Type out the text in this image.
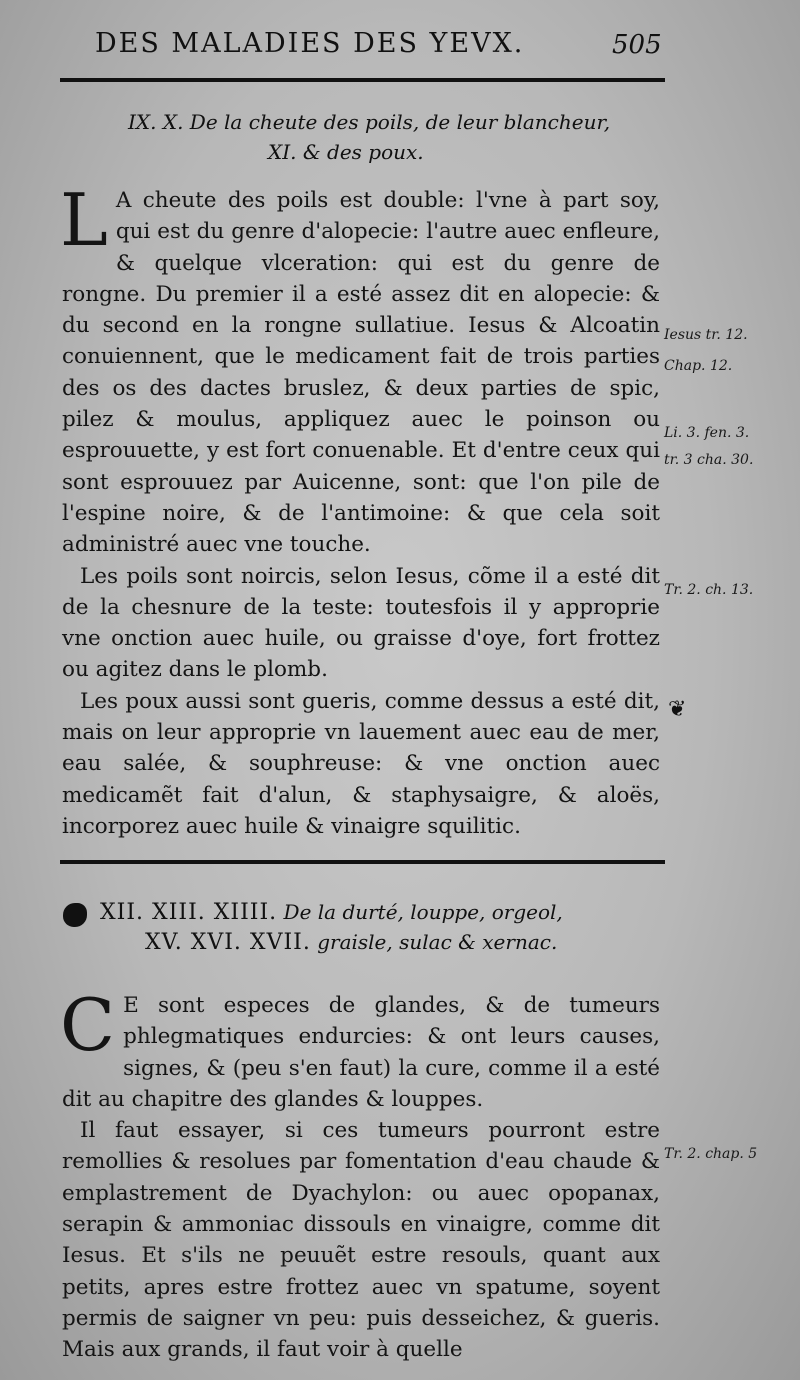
DES MALADIES DES YEVX.	505
IX. X. De la cheute des poils, de leur blancheur,
XI. & des poux.

L A cheute des poils est double: l'vne à part soy, qui est du genre d'alopecie: l'autre auec enfleure, & quelque vlceration: qui est du genre de rongne. Du premier il a esté assez dit en alopecie: & du second en la rongne sullatiue. Iesus & Alcoatin conuiennent, que le medicament fait de trois parties des os des dactes bruslez, & deux parties de spic, pilez & moulus, appliquez auec le poinson ou esprouuette, y est fort conuenable. Et d'entre ceux qui sont esprouuez par Auicenne, sont: que l'on pile de l'espine noire, & de l'antimoine: & que cela soit administré auec vne touche.

Les poils sont noircis, selon Iesus, cõme il a esté dit de la chesnure de la teste: toutesfois il y approprie vne onction auec huile, ou graisse d'oye, fort frottez ou agitez dans le plomb.

Les poux aussi sont gueris, comme dessus a esté dit, mais on leur approprie vn lauement auec eau de mer, eau salée, & souphreuse: & vne onction auec medicamẽt fait d'alun, & staphysaigre, & aloës, incorporez auec huile & vinaigre squilitic.

Iesus tr. 12.
Chap. 12.
Li. 3. fen. 3.
tr. 3 cha. 30.
Tr. 2. ch. 13.
❦
XII. XIII. XIIII. De la durté, louppe, orgeol,
XV. XVI. XVII. graisle, sulac & xernac.

C E sont especes de glandes, & de tumeurs phlegmatiques endurcies: & ont leurs causes, signes, & (peu s'en faut) la cure, comme il a esté dit au chapitre des glandes & louppes.

Il faut essayer, si ces tumeurs pourront estre remollies & resolues par fomentation d'eau chaude & emplastrement de Dyachylon: ou auec opopanax, serapin & ammoniac dissouls en vinaigre, comme dit Iesus. Et s'ils ne peuuẽt estre resouls, quant aux petits, apres estre frottez auec vn spatume, soyent permis de saigner vn peu: puis desseichez, & gueris. Mais aux grands, il faut voir à quelle

Tr. 2. chap. 5
